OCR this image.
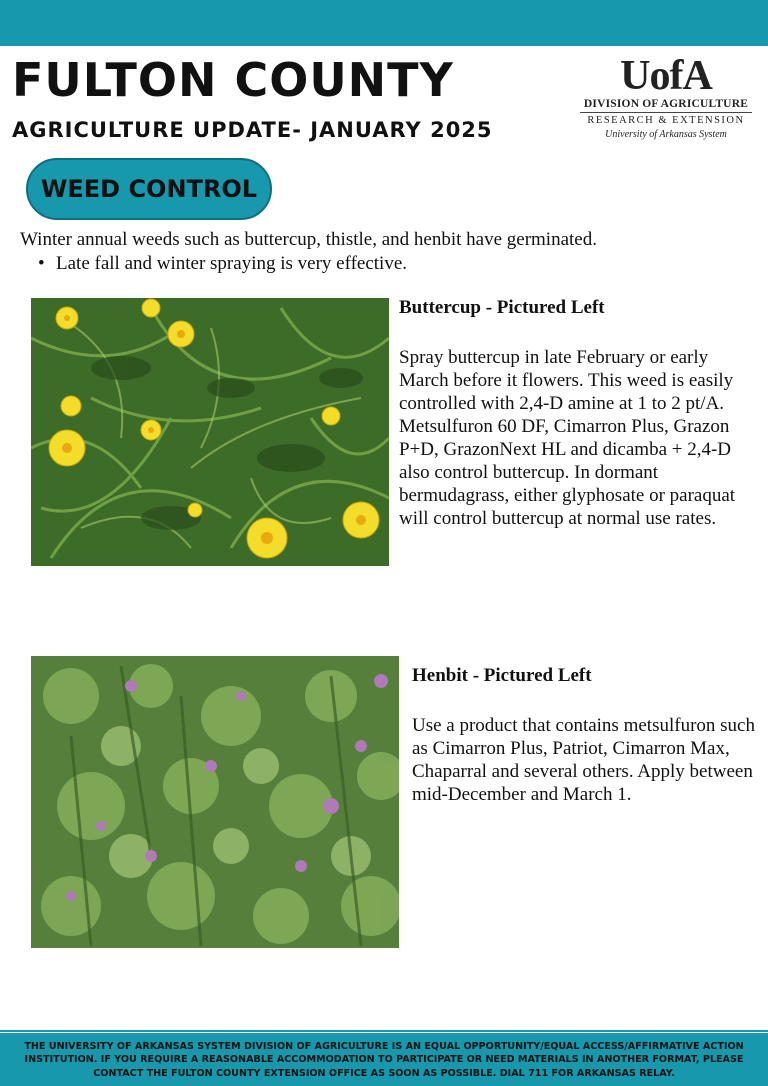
FULTON COUNTY
AGRICULTURE UPDATE- JANUARY 2025
UofA
DIVISION OF AGRICULTURE
RESEARCH & EXTENSION
University of Arkansas System
WEED CONTROL
Winter annual weeds such as buttercup, thistle, and henbit have germinated.
• Late fall and winter spraying is very effective.
Buttercup - Pictured Left
Spray buttercup in late February or early March before it flowers. This weed is easily controlled with 2,4-D amine at 1 to 2 pt/A. Metsulfuron 60 DF, Cimarron Plus, Grazon P+D, GrazonNext HL and dicamba + 2,4-D also control buttercup. In dormant bermudagrass, either glyphosate or paraquat will control buttercup at normal use rates.
Henbit - Pictured Left
Use a product that contains metsulfuron such as Cimarron Plus, Patriot, Cimarron Max, Chaparral and several others. Apply between mid-December and March 1.

THE UNIVERSITY OF ARKANSAS SYSTEM DIVISION OF AGRICULTURE IS AN EQUAL OPPORTUNITY/EQUAL ACCESS/AFFIRMATIVE ACTION INSTITUTION. IF YOU REQUIRE A REASONABLE ACCOMMODATION TO PARTICIPATE OR NEED MATERIALS IN ANOTHER FORMAT, PLEASE CONTACT THE FULTON COUNTY EXTENSION OFFICE AS SOON AS POSSIBLE. DIAL 711 FOR ARKANSAS RELAY.
